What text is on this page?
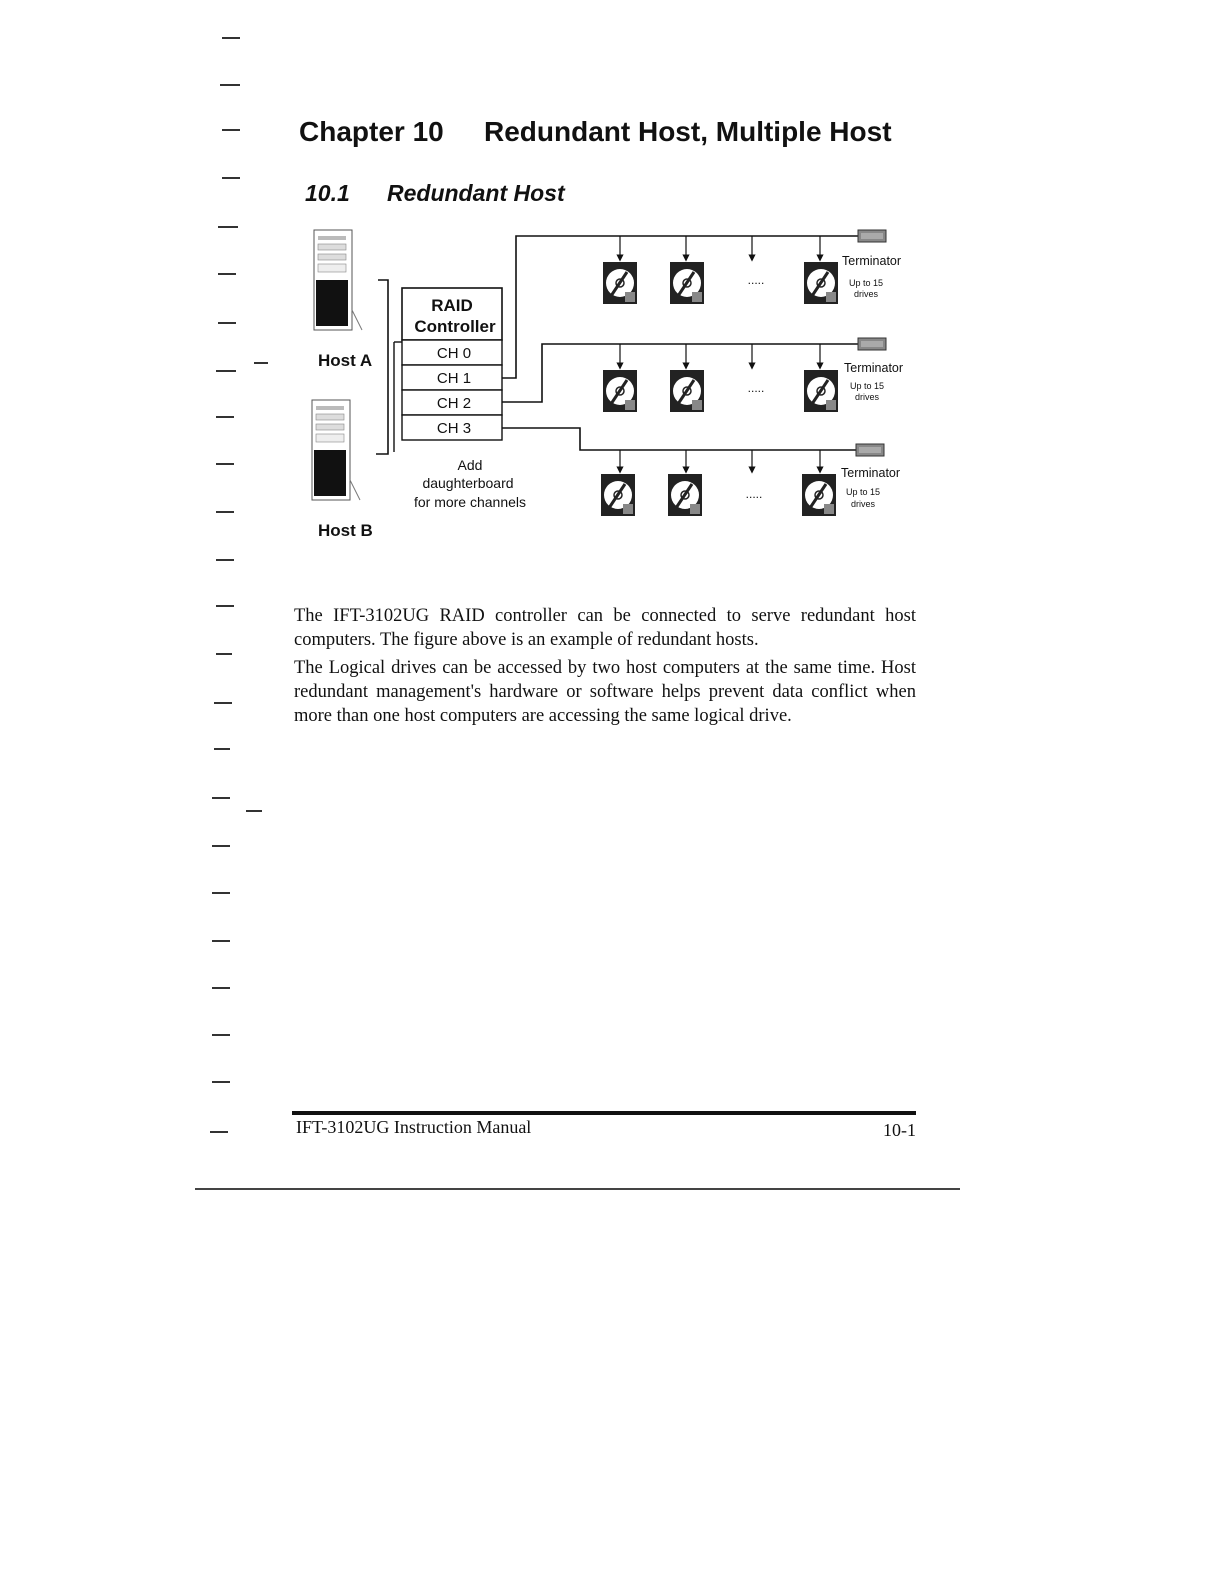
Chapter 10 Redundant Host, Multiple Host
10.1 Redundant Host
Host A
Host B
RAID
Controller
CH 0
CH 1
CH 2
CH 3
Add
daughterboard
for more channels
.....
Terminator
Up to 15
drives
.....
Terminator
Up to 15
drives
.....
Terminator
Up to 15
drives

The IFT-3102UG RAID controller can be connected to serve redundant host computers. The figure above is an example of redundant hosts.

The Logical drives can be accessed by two host computers at the same time. Host redundant management's hardware or software helps prevent data conflict when more than one host computers are accessing the same logical drive.

IFT-3102UG Instruction Manual	10-1
